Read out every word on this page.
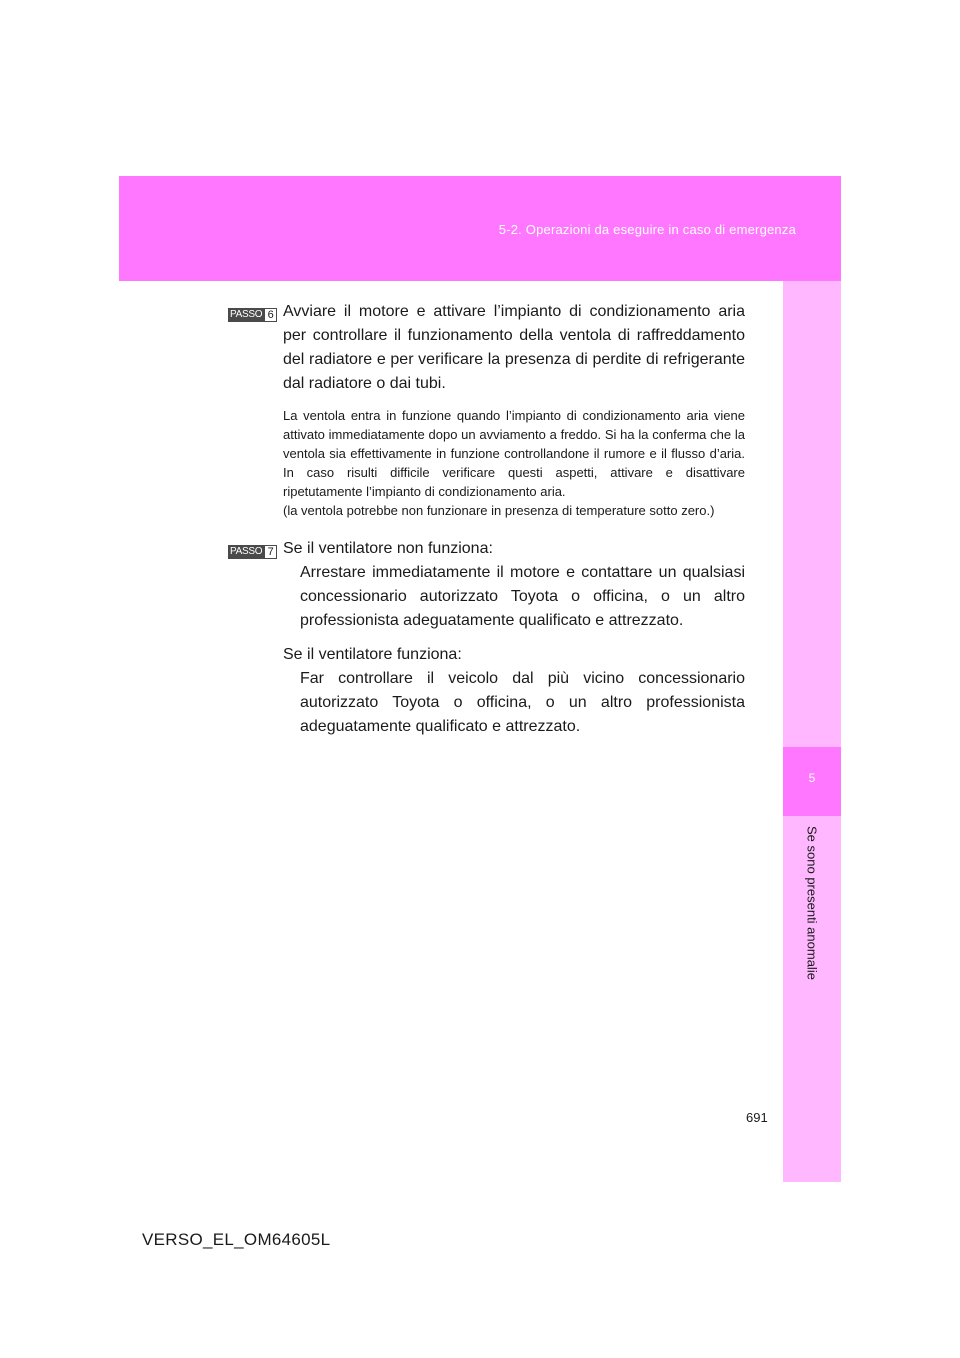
5-2. Operazioni da eseguire in caso di emergenza
5
Se sono presenti anomalie
PASSO 6 Avviare il motore e attivare l’impianto di condizionamento aria per controllare il funzionamento della ventola di raffreddamento del radiatore e per verificare la presenza di perdite di refrigerante dal radiatore o dai tubi.

La ventola entra in funzione quando l’impianto di condizionamento aria viene attivato immediatamente dopo un avviamento a freddo. Si ha la conferma che la ventola sia effettivamente in funzione controllandone il rumore e il flusso d’aria. In caso risulti difficile verificare questi aspetti, attivare e disattivare ripetutamente l’impianto di condizionamento aria.

(la ventola potrebbe non funzionare in presenza di temperature sotto zero.)

PASSO 7 Se il ventilatore non funziona:

Arrestare immediatamente il motore e contattare un qualsiasi concessionario autorizzato Toyota o officina, o un altro professionista adeguatamente qualificato e attrezzato.

Se il ventilatore funziona:

Far controllare il veicolo dal più vicino concessionario autorizzato Toyota o officina, o un altro professionista adeguatamente qualificato e attrezzato.

691
VERSO_EL_OM64605L
